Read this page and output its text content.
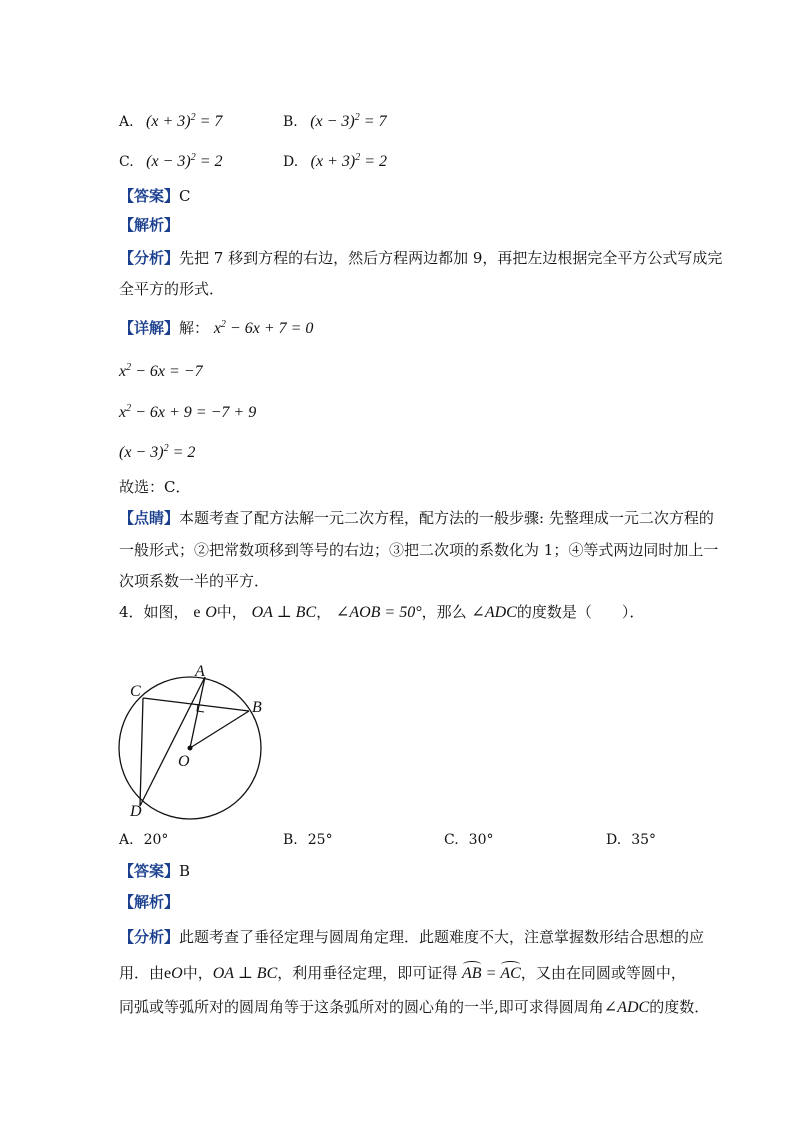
A. $(x + 3)^2 = 7$	B. $(x - 3)^2 = 7$
C. $(x - 3)^2 = 2$	D. $(x + 3)^2 = 2$
【答案】C
【解析】
【分析】先把 7 移到方程的右边，然后方程两边都加 9，再把左边根据完全平方公式写成完
全平方的形式．
【详解】解： $x^2 - 6x + 7 = 0$
$x^2 - 6x = -7$
$x^2 - 6x + 9 = -7 + 9$
$(x - 3)^2 = 2$
故选：C．
【点睛】本题考查了配方法解一元二次方程，配方法的一般步骤: 先整理成一元二次方程的
一般形式；②把常数项移到等号的右边；③把二次项的系数化为 1；④等式两边同时加上一
次项系数一半的平方．
4．如图， e O中， OA ⊥ BC， ∠AOB = 50°，那么 ∠ADC的度数是（　　）．
A
B
C
D
O
A. 20°	B. 25°	C. 30°	D. 35°
【答案】B
【解析】
【分析】此题考查了垂径定理与圆周角定理．此题难度不大，注意掌握数形结合思想的应
用．由eO中，OA ⊥ BC，利用垂径定理，即可证得 AB = AC，又由在同圆或等圆中，
同弧或等弧所对的圆周角等于这条弧所对的圆心角的一半,即可求得圆周角∠ADC的度数．
